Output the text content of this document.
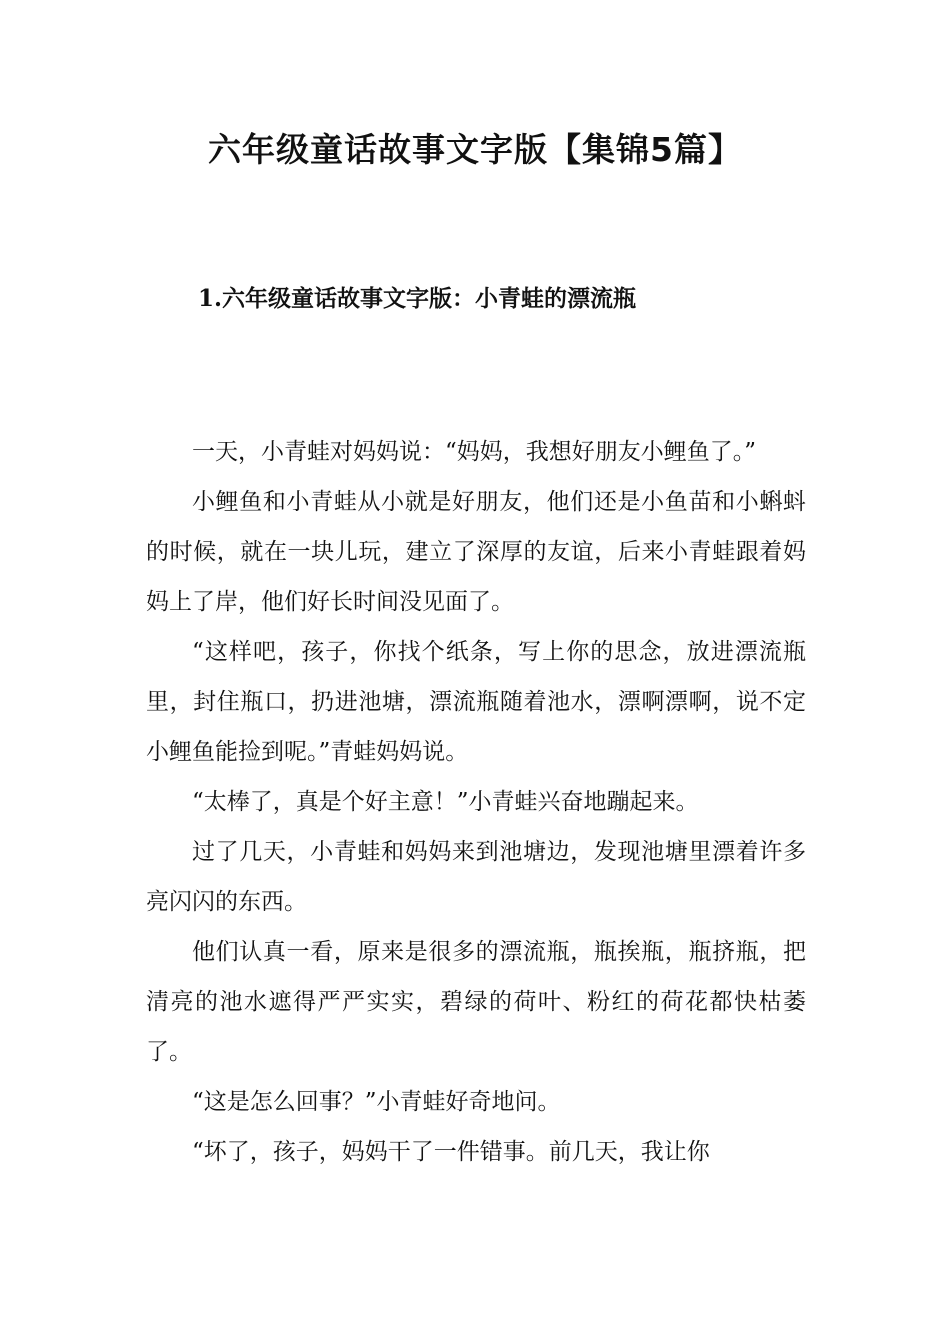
六年级童话故事文字版【集锦5篇】
1.六年级童话故事文字版：小青蛙的漂流瓶

一天，小青蛙对妈妈说：“妈妈，我想好朋友小鲤鱼了。”

小鲤鱼和小青蛙从小就是好朋友，他们还是小鱼苗和小蝌蚪的时候，就在一块儿玩，建立了深厚的友谊，后来小青蛙跟着妈妈上了岸，他们好长时间没见面了。

“这样吧，孩子，你找个纸条，写上你的思念，放进漂流瓶里，封住瓶口，扔进池塘，漂流瓶随着池水，漂啊漂啊，说不定小鲤鱼能捡到呢。”青蛙妈妈说。

“太棒了，真是个好主意！”小青蛙兴奋地蹦起来。

过了几天，小青蛙和妈妈来到池塘边，发现池塘里漂着许多亮闪闪的东西。

他们认真一看，原来是很多的漂流瓶，瓶挨瓶，瓶挤瓶，把清亮的池水遮得严严实实，碧绿的荷叶、粉红的荷花都快枯萎了。

“这是怎么回事？”小青蛙好奇地问。

“坏了，孩子，妈妈干了一件错事。前几天，我让你
